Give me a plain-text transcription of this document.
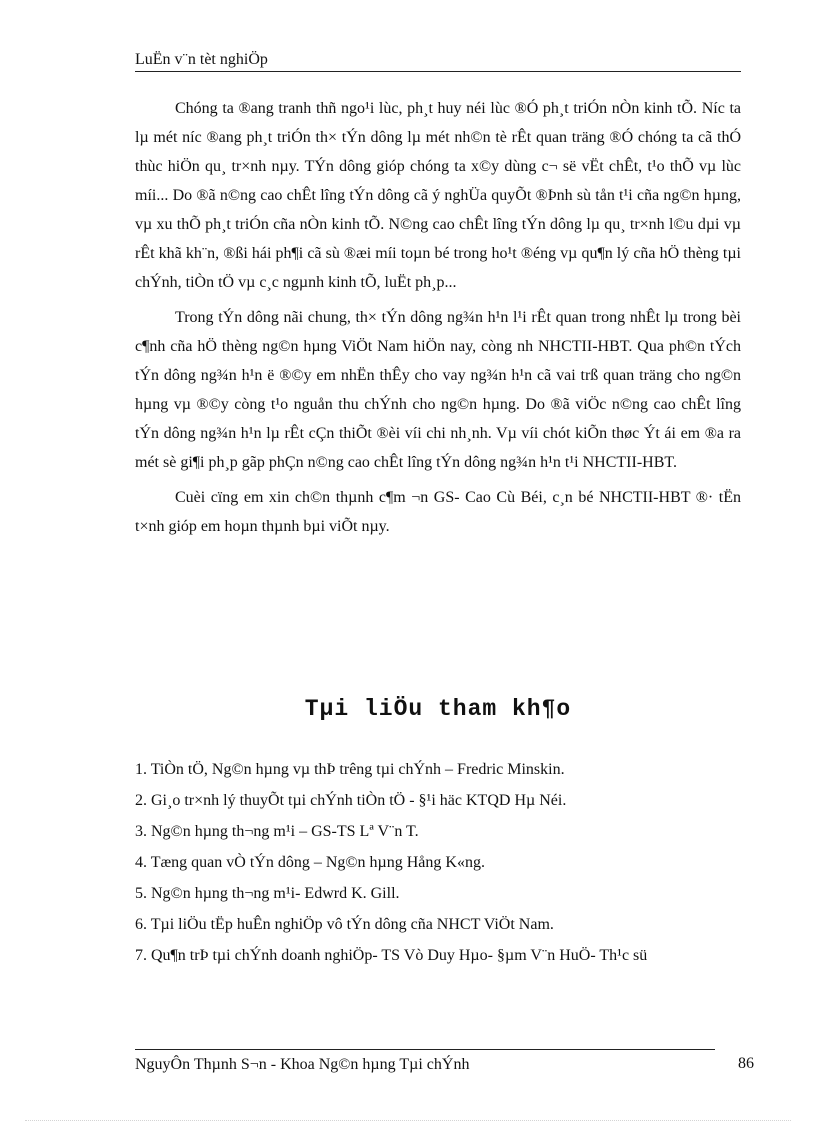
LuËn v¨n tèt nghiÖp

Chóng ta ®ang tranh thñ ngo¹i lùc, ph¸t huy néi lùc ®Ó ph¸t triÓn nÒn kinh tÕ. Níc ta lµ mét níc ®ang ph¸t triÓn th× tÝn dông lµ mét nh©n tè rÊt quan träng ®Ó chóng ta cã thÓ thùc hiÖn qu¸ tr×nh nµy. TÝn dông gióp chóng ta x©y dùng c¬ së vËt chÊt, t¹o thÕ vµ lùc míi... Do ®ã n©ng cao chÊt lîng tÝn dông cã ý nghÜa quyÕt ®Þnh sù tån t¹i cña ng©n hµng, vµ xu thÕ ph¸t triÓn cña nÒn kinh tÕ. N©ng cao chÊt lîng tÝn dông lµ qu¸ tr×nh l©u dµi vµ rÊt khã kh¨n, ®ßi hái ph¶i cã sù ®æi míi toµn bé trong ho¹t ®éng vµ qu¶n lý cña hÖ thèng tµi chÝnh, tiÒn tÖ vµ c¸c ngµnh kinh tÕ, luËt ph¸p...

Trong tÝn dông nãi chung, th× tÝn dông ng¾n h¹n l¹i rÊt quan trong nhÊt lµ trong bèi c¶nh cña hÖ thèng ng©n hµng ViÖt Nam hiÖn nay, còng nh NHCTII-HBT. Qua ph©n tÝch tÝn dông ng¾n h¹n ë ®©y em nhËn thÊy cho vay ng¾n h¹n cã vai trß quan träng cho ng©n hµng vµ ®©y còng t¹o nguån thu chÝnh cho ng©n hµng. Do ®ã viÖc n©ng cao chÊt lîng tÝn dông ng¾n h¹n lµ rÊt cÇn thiÕt ®èi víi chi nh¸nh. Vµ víi chót kiÕn thøc Ýt ái em ®a ra mét sè gi¶i ph¸p gãp phÇn n©ng cao chÊt lîng tÝn dông ng¾n h¹n t¹i NHCTII-HBT.

Cuèi cïng em xin ch©n thµnh c¶m ¬n GS- Cao Cù Béi, c¸n bé NHCTII-HBT ®· tËn t×nh gióp em hoµn thµnh bµi viÕt nµy.

Tµi liÖu tham kh¶o
1. TiÒn tÖ, Ng©n hµng vµ thÞ trêng tµi chÝnh – Fredric Minskin.
2. Gi¸o tr×nh lý thuyÕt tµi chÝnh tiÒn tÖ - §¹i häc KTQD Hµ Néi.
3. Ng©n hµng th¬ng m¹i – GS-TS Lª V¨n T.
4. Tæng quan vÒ tÝn dông – Ng©n hµng Hång K«ng.
5. Ng©n hµng th¬ng m¹i- Edwrd K. Gill.
6. Tµi liÖu tËp huÊn nghiÖp vô tÝn dông cña NHCT ViÖt Nam.
7. Qu¶n trÞ tµi chÝnh doanh nghiÖp- TS Vò Duy Hµo- §µm V¨n HuÖ- Th¹c sü
NguyÔn Thµnh S¬n - Khoa Ng©n hµng Tµi chÝnh	86
